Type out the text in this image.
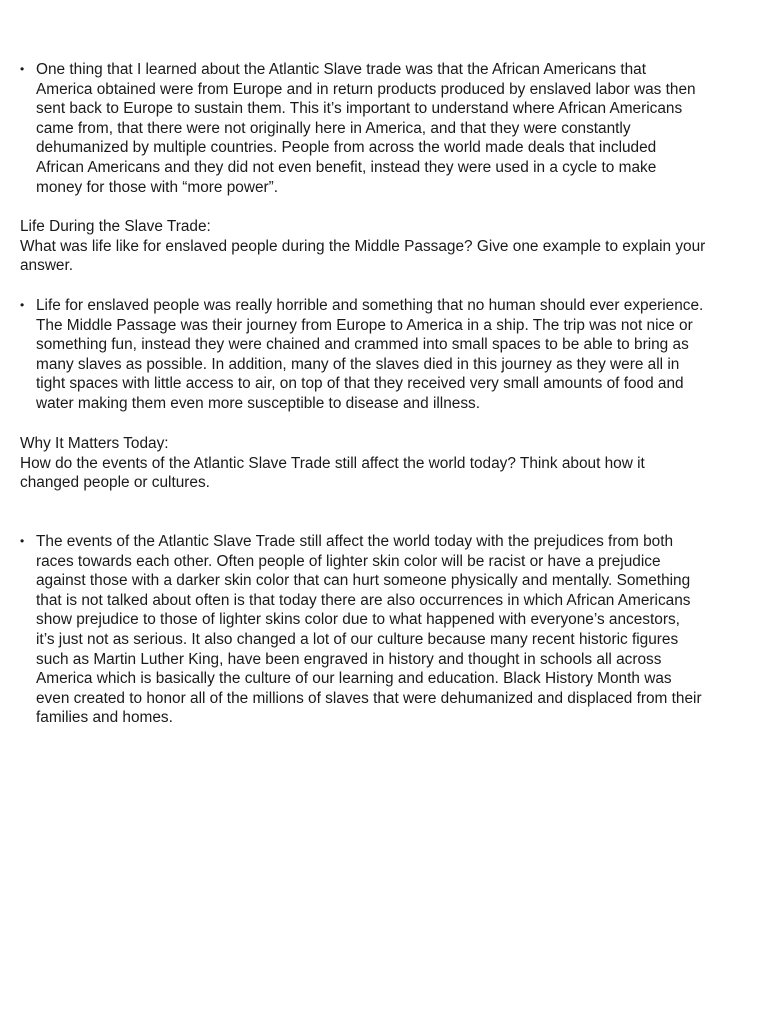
• One thing that I learned about the Atlantic Slave trade was that the African Americans that
America obtained were from Europe and in return products produced by enslaved labor was then
sent back to Europe to sustain them. This it’s important to understand where African Americans
came from, that there were not originally here in America, and that they were constantly
dehumanized by multiple countries. People from across the world made deals that included
African Americans and they did not even benefit, instead they were used in a cycle to make
money for those with “more power”.
Life During the Slave Trade:
What was life like for enslaved people during the Middle Passage? Give one example to explain your
answer.
• Life for enslaved people was really horrible and something that no human should ever experience.
The Middle Passage was their journey from Europe to America in a ship. The trip was not nice or
something fun, instead they were chained and crammed into small spaces to be able to bring as
many slaves as possible. In addition, many of the slaves died in this journey as they were all in
tight spaces with little access to air, on top of that they received very small amounts of food and
water making them even more susceptible to disease and illness.
Why It Matters Today:
How do the events of the Atlantic Slave Trade still affect the world today? Think about how it
changed people or cultures.
• The events of the Atlantic Slave Trade still affect the world today with the prejudices from both
races towards each other. Often people of lighter skin color will be racist or have a prejudice
against those with a darker skin color that can hurt someone physically and mentally. Something
that is not talked about often is that today there are also occurrences in which African Americans
show prejudice to those of lighter skins color due to what happened with everyone’s ancestors,
it’s just not as serious. It also changed a lot of our culture because many recent historic figures
such as Martin Luther King, have been engraved in history and thought in schools all across
America which is basically the culture of our learning and education. Black History Month was
even created to honor all of the millions of slaves that were dehumanized and displaced from their
families and homes.
